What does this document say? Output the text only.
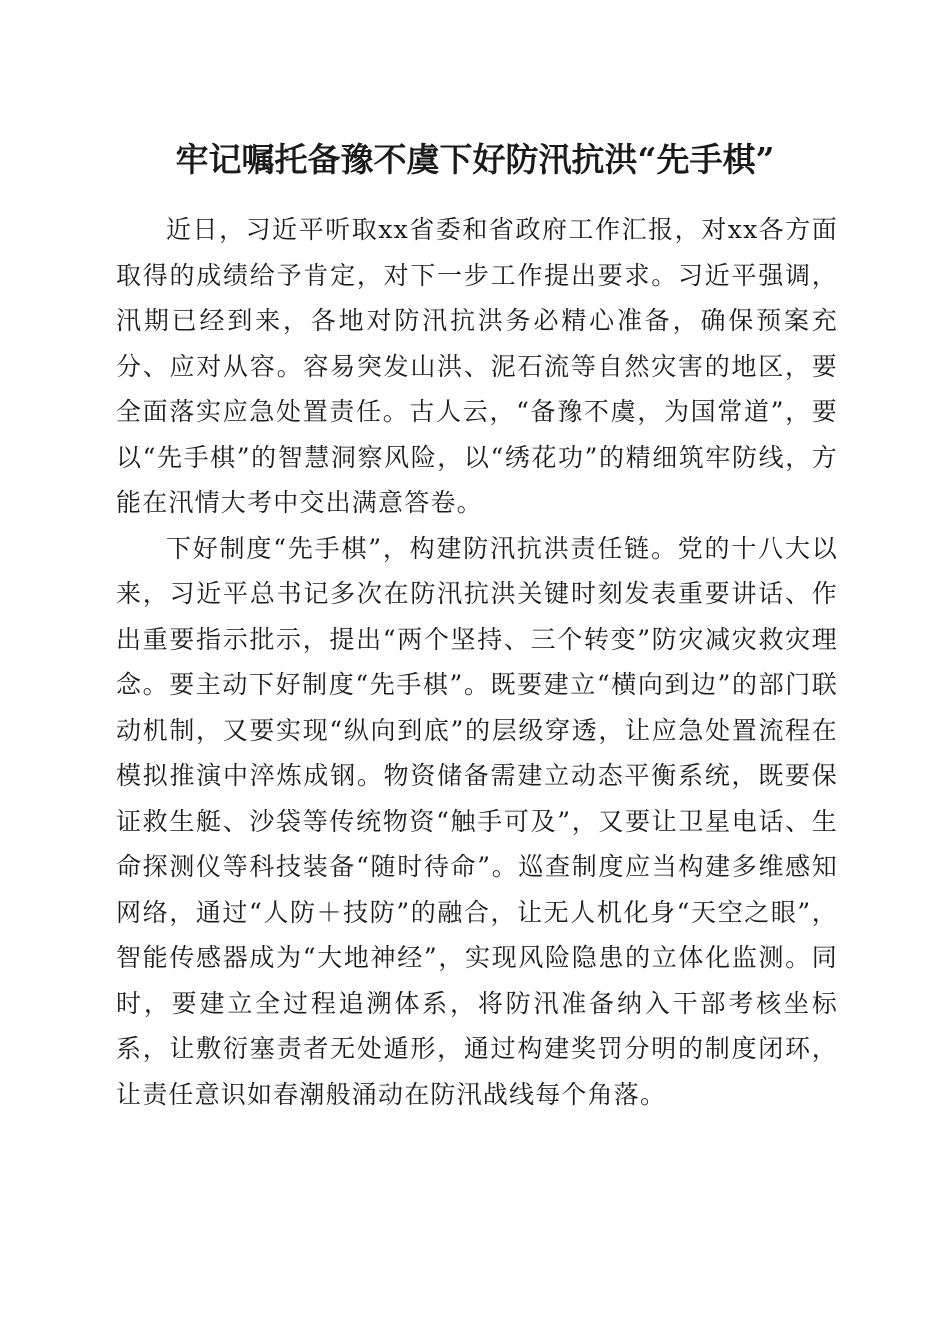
牢记嘱托备豫不虞下好防汛抗洪“先手棋”

近日，习近平听取xx省委和省政府工作汇报，对xx各方面取得的成绩给予肯定，对下一步工作提出要求。习近平强调，汛期已经到来，各地对防汛抗洪务必精心准备，确保预案充分、应对从容。容易突发山洪、泥石流等自然灾害的地区，要全面落实应急处置责任。古人云，“备豫不虞，为国常道”，要以“先手棋”的智慧洞察风险，以“绣花功”的精细筑牢防线，方能在汛情大考中交出满意答卷。

下好制度“先手棋”，构建防汛抗洪责任链。党的十八大以来，习近平总书记多次在防汛抗洪关键时刻发表重要讲话、作出重要指示批示，提出“两个坚持、三个转变”防灾减灾救灾理念。要主动下好制度“先手棋”。既要建立“横向到边”的部门联动机制，又要实现“纵向到底”的层级穿透，让应急处置流程在模拟推演中淬炼成钢。物资储备需建立动态平衡系统，既要保证救生艇、沙袋等传统物资“触手可及”，又要让卫星电话、生命探测仪等科技装备“随时待命”。巡查制度应当构建多维感知网络，通过“人防＋技防”的融合，让无人机化身“天空之眼”，智能传感器成为“大地神经”，实现风险隐患的立体化监测。同时，要建立全过程追溯体系，将防汛准备纳入干部考核坐标系，让敷衍塞责者无处遁形，通过构建奖罚分明的制度闭环，让责任意识如春潮般涌动在防汛战线每个角落。
